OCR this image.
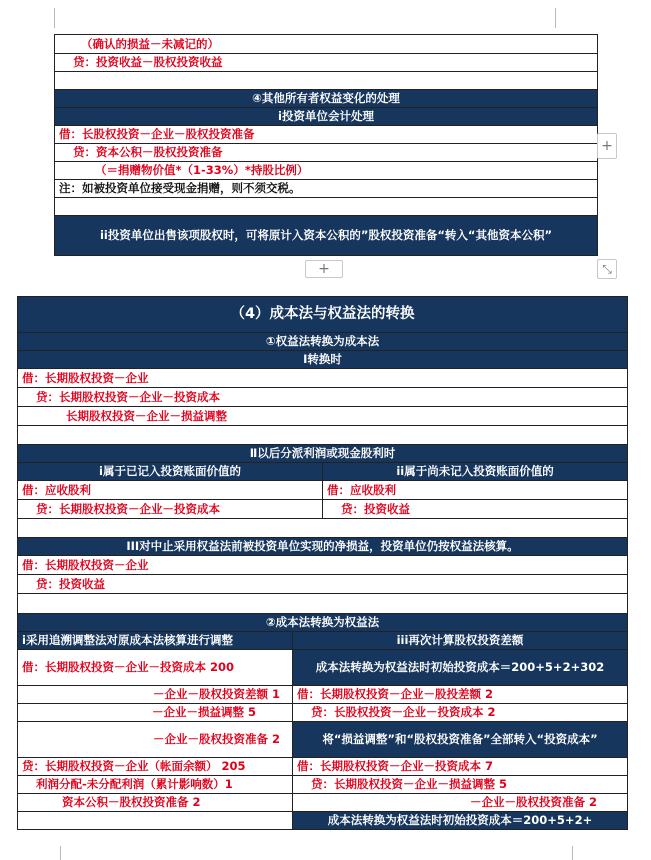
（确认的损益－未减记的）
贷：投资收益－股权投资收益

④其他所有者权益变化的处理
ⅰ投资单位会计处理
借：长股权投资－企业－股权投资准备
贷：资本公积－股权投资准备
（＝捐赠物价值*（1-33%）*持股比例）
注：如被投资单位接受现金捐赠，则不须交税。

ⅰⅰ投资单位出售该项股权时，可将原计入资本公积的”股权投资准备“转入“其他资本公积”
+
+	⤡
（4）成本法与权益法的转换		
①权益法转换为成本法		
Ⅰ转换时		
借：长期股权投资－企业		
贷：长期股权投资－企业－投资成本		
长期股权投资－企业－损益调整		

Ⅱ以后分派利润或现金股利时		
ⅰ属于已记入投资账面价值的		ⅰⅰ属于尚未记入投资账面价值的
借：应收股利		借：应收股利
贷：长期股权投资－企业－投资成本		贷：投资收益

ⅠⅠⅠ对中止采用权益法前被投资单位实现的净损益，投资单位仍按权益法核算。		
借：长期股权投资－企业		
贷：投资收益		

②成本法转换为权益法		
ⅰ采用追溯调整法对原成本法核算进行调整	ⅰⅰⅰ再次计算股权投资差额	
借：长期股权投资－企业－投资成本 200	成本法转换为权益法时初始投资成本＝200+5+2+302	
－企业－股权投资差额 1	借：长期股权投资－企业－股投差额 2	
－企业－损益调整 5	贷：长股权投资－企业－投资成本 2	
－企业－股权投资准备 2	将“损益调整”和“股权投资准备”全部转入“投资成本”	
贷：长期股权投资－企业（帐面余额） 205	借：长期股权投资－企业－投资成本 7	
利润分配-未分配利润（累计影响数）1	贷：长期股权投资－企业－损益调整 5	
资本公积－股权投资准备 2	－企业－股权投资准备 2	
	成本法转换为权益法时初始投资成本＝200+5+2+	
